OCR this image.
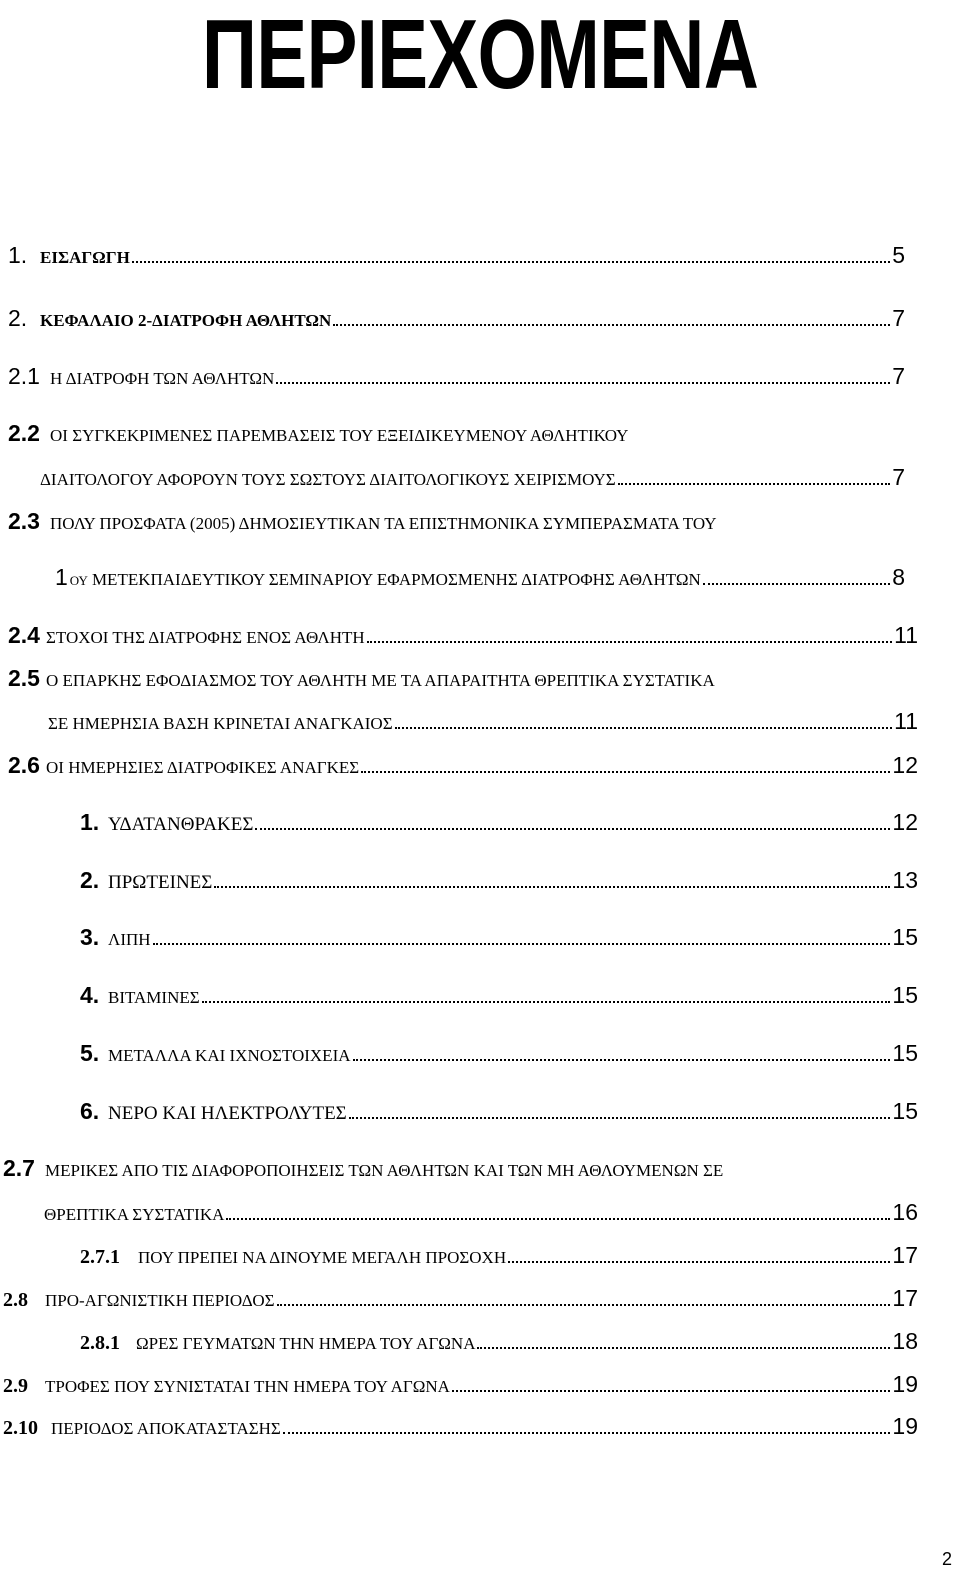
ΠΕΡΙΕΧΟΜΕΝΑ
1. ΕΙΣΑΓΩΓΗ	5
2. ΚΕΦΑΛΑΙΟ 2-ΔΙΑΤΡΟΦΗ ΑΘΛΗΤΩΝ	7
2.1 Η ΔΙΑΤΡΟΦΗ ΤΩΝ ΑΘΛΗΤΩΝ	7
2.2 ΟΙ ΣΥΓΚΕΚΡΙΜΕΝΕΣ ΠΑΡΕΜΒΑΣΕΙΣ ΤΟΥ ΕΞΕΙΔΙΚΕΥΜΕΝΟΥ ΑΘΛΗΤΙΚΟΥ
ΔΙΑΙΤΟΛΟΓΟΥ ΑΦΟΡΟΥΝ ΤΟΥΣ ΣΩΣΤΟΥΣ ΔΙΑΙΤΟΛΟΓΙΚΟΥΣ ΧΕΙΡΙΣΜΟΥΣ	7
2.3 ΠΟΛΥ ΠΡΟΣΦΑΤΑ (2005) ΔΗΜΟΣΙΕΥΤΙΚΑΝ ΤΑ ΕΠΙΣΤΗΜΟΝΙΚΑ ΣΥΜΠΕΡΑΣΜΑΤΑ ΤΟΥ
1 ΟΥ ΜΕΤΕΚΠΑΙΔΕΥΤΙΚΟΥ ΣΕΜΙΝΑΡΙΟΥ ΕΦΑΡΜΟΣΜΕΝΗΣ ΔΙΑΤΡΟΦΗΣ ΑΘΛΗΤΩΝ	8
2.4 ΣΤΟΧΟΙ ΤΗΣ ΔΙΑΤΡΟΦΗΣ ΕΝΟΣ ΑΘΛΗΤΗ	11
2.5 Ο ΕΠΑΡΚΗΣ ΕΦΟΔΙΑΣΜΟΣ ΤΟΥ ΑΘΛΗΤΗ ΜΕ ΤΑ ΑΠΑΡΑΙΤΗΤΑ ΘΡΕΠΤΙΚΑ ΣΥΣΤΑΤΙΚΑ
ΣΕ ΗΜΕΡΗΣΙΑ ΒΑΣΗ ΚΡΙΝΕΤΑΙ ΑΝΑΓΚΑΙΟΣ	11
2.6 ΟΙ ΗΜΕΡΗΣΙΕΣ ΔΙΑΤΡΟΦΙΚΕΣ ΑΝΑΓΚΕΣ	12
1. ΥΔΑΤΑΝΘΡΑΚΕΣ	12
2. ΠΡΩΤΕΙΝΕΣ	13
3. ΛΙΠΗ	15
4. ΒΙΤΑΜΙΝΕΣ	15
5. ΜΕΤΑΛΛΑ ΚΑΙ ΙΧΝΟΣΤΟΙΧΕΙΑ	15
6. ΝΕΡΟ ΚΑΙ ΗΛΕΚΤΡΟΛΥΤΕΣ	15
2.7 ΜΕΡΙΚΕΣ ΑΠΟ ΤΙΣ ΔΙΑΦΟΡΟΠΟΙΗΣΕΙΣ ΤΩΝ ΑΘΛΗΤΩΝ ΚΑΙ ΤΩΝ ΜΗ ΑΘΛΟΥΜΕΝΩΝ ΣΕ
ΘΡΕΠΤΙΚΑ ΣΥΣΤΑΤΙΚΑ	16
2.7.1	ΠΟΥ ΠΡΕΠΕΙ ΝΑ ΔΙΝΟΥΜΕ ΜΕΓΑΛΗ ΠΡΟΣΟΧΗ	17
2.8	ΠΡΟ-ΑΓΩΝΙΣΤΙΚΗ ΠΕΡΙΟΔΟΣ	17
2.8.1 ΩΡΕΣ ΓΕΥΜΑΤΩΝ ΤΗΝ ΗΜΕΡΑ ΤΟΥ ΑΓΩΝΑ	18
2.9	ΤΡΟΦΕΣ ΠΟΥ ΣΥΝΙΣΤΑΤΑΙ ΤΗΝ ΗΜΕΡΑ ΤΟΥ ΑΓΩΝΑ	19
2.10 ΠΕΡΙΟΔΟΣ ΑΠΟΚΑΤΑΣΤΑΣΗΣ	19
2
